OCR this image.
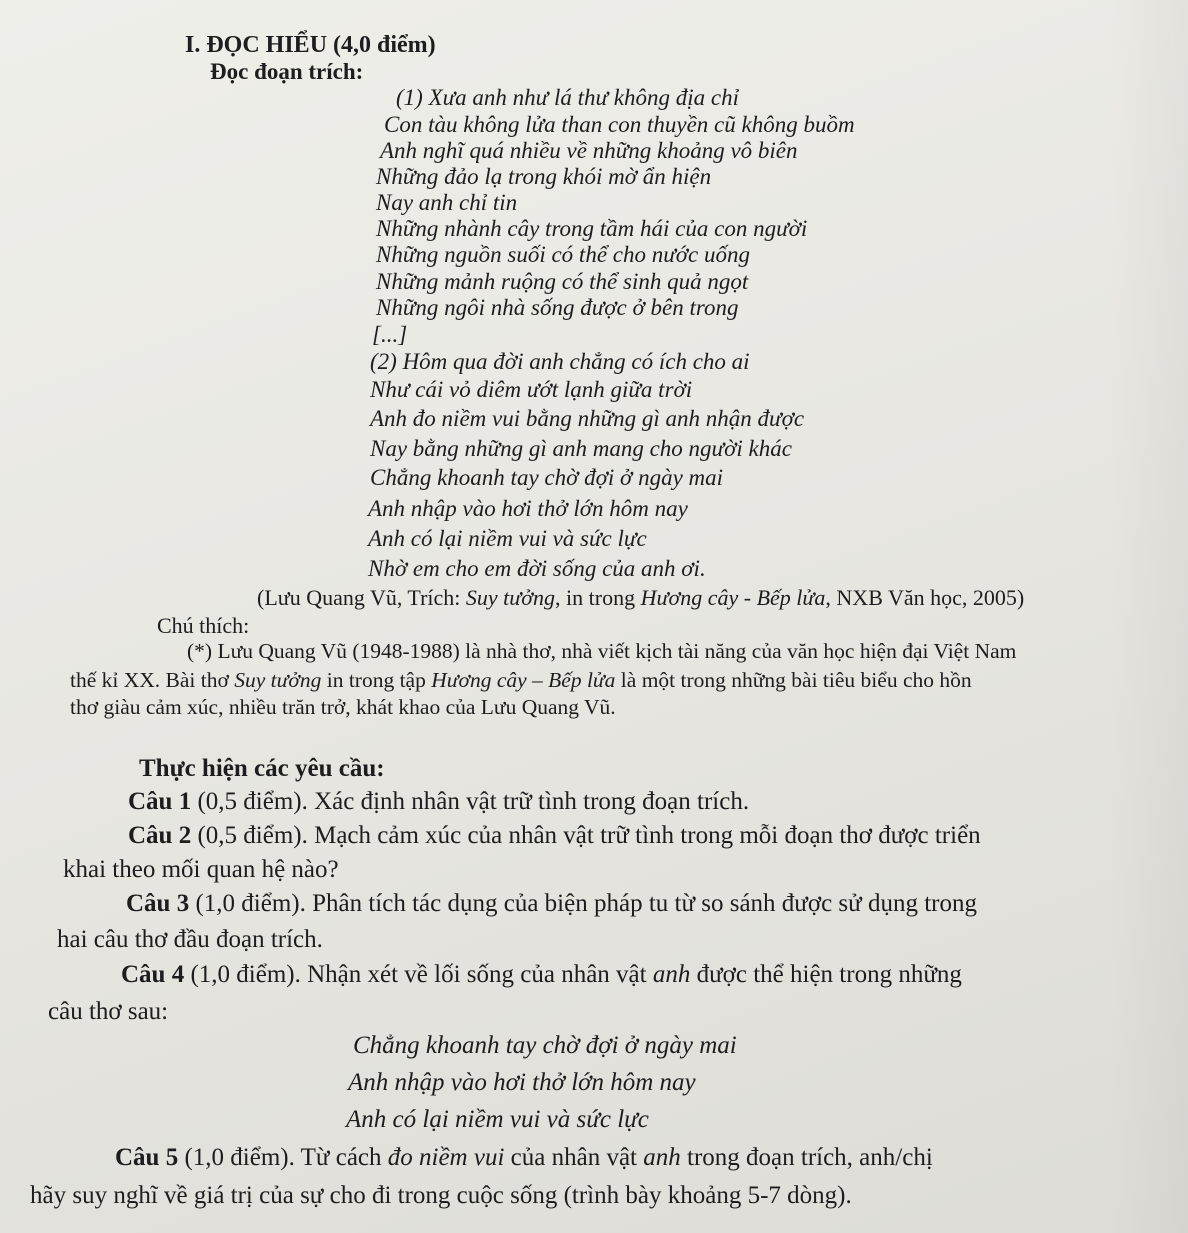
I. ĐỌC HIỂU (4,0 điểm)
Đọc đoạn trích:
(1) Xưa anh như lá thư không địa chỉ
Con tàu không lửa than con thuyền cũ không buồm
Anh nghĩ quá nhiều về những khoảng vô biên
Những đảo lạ trong khói mờ ẩn hiện
Nay anh chỉ tin
Những nhành cây trong tầm hái của con người
Những nguồn suối có thể cho nước uống
Những mảnh ruộng có thể sinh quả ngọt
Những ngôi nhà sống được ở bên trong
[...]
(2) Hôm qua đời anh chẳng có ích cho ai
Như cái vỏ diêm ướt lạnh giữa trời
Anh đo niềm vui bằng những gì anh nhận được
Nay bằng những gì anh mang cho người khác
Chẳng khoanh tay chờ đợi ở ngày mai
Anh nhập vào hơi thở lớn hôm nay
Anh có lại niềm vui và sức lực
Nhờ em cho em đời sống của anh ơi.
(Lưu Quang Vũ, Trích: Suy tưởng, in trong Hương cây - Bếp lửa, NXB Văn học, 2005)
Chú thích:
(*) Lưu Quang Vũ (1948-1988) là nhà thơ, nhà viết kịch tài năng của văn học hiện đại Việt Nam
thế kỉ XX. Bài thơ Suy tưởng in trong tập Hương cây – Bếp lửa là một trong những bài tiêu biểu cho hồn
thơ giàu cảm xúc, nhiều trăn trở, khát khao của Lưu Quang Vũ.
Thực hiện các yêu cầu:
Câu 1 (0,5 điểm). Xác định nhân vật trữ tình trong đoạn trích.
Câu 2 (0,5 điểm). Mạch cảm xúc của nhân vật trữ tình trong mỗi đoạn thơ được triển
khai theo mối quan hệ nào?
Câu 3 (1,0 điểm). Phân tích tác dụng của biện pháp tu từ so sánh được sử dụng trong
hai câu thơ đầu đoạn trích.
Câu 4 (1,0 điểm). Nhận xét về lối sống của nhân vật anh được thể hiện trong những
câu thơ sau:
Chẳng khoanh tay chờ đợi ở ngày mai
Anh nhập vào hơi thở lớn hôm nay
Anh có lại niềm vui và sức lực
Câu 5 (1,0 điểm). Từ cách đo niềm vui của nhân vật anh trong đoạn trích, anh/chị
hãy suy nghĩ về giá trị của sự cho đi trong cuộc sống (trình bày khoảng 5-7 dòng).
